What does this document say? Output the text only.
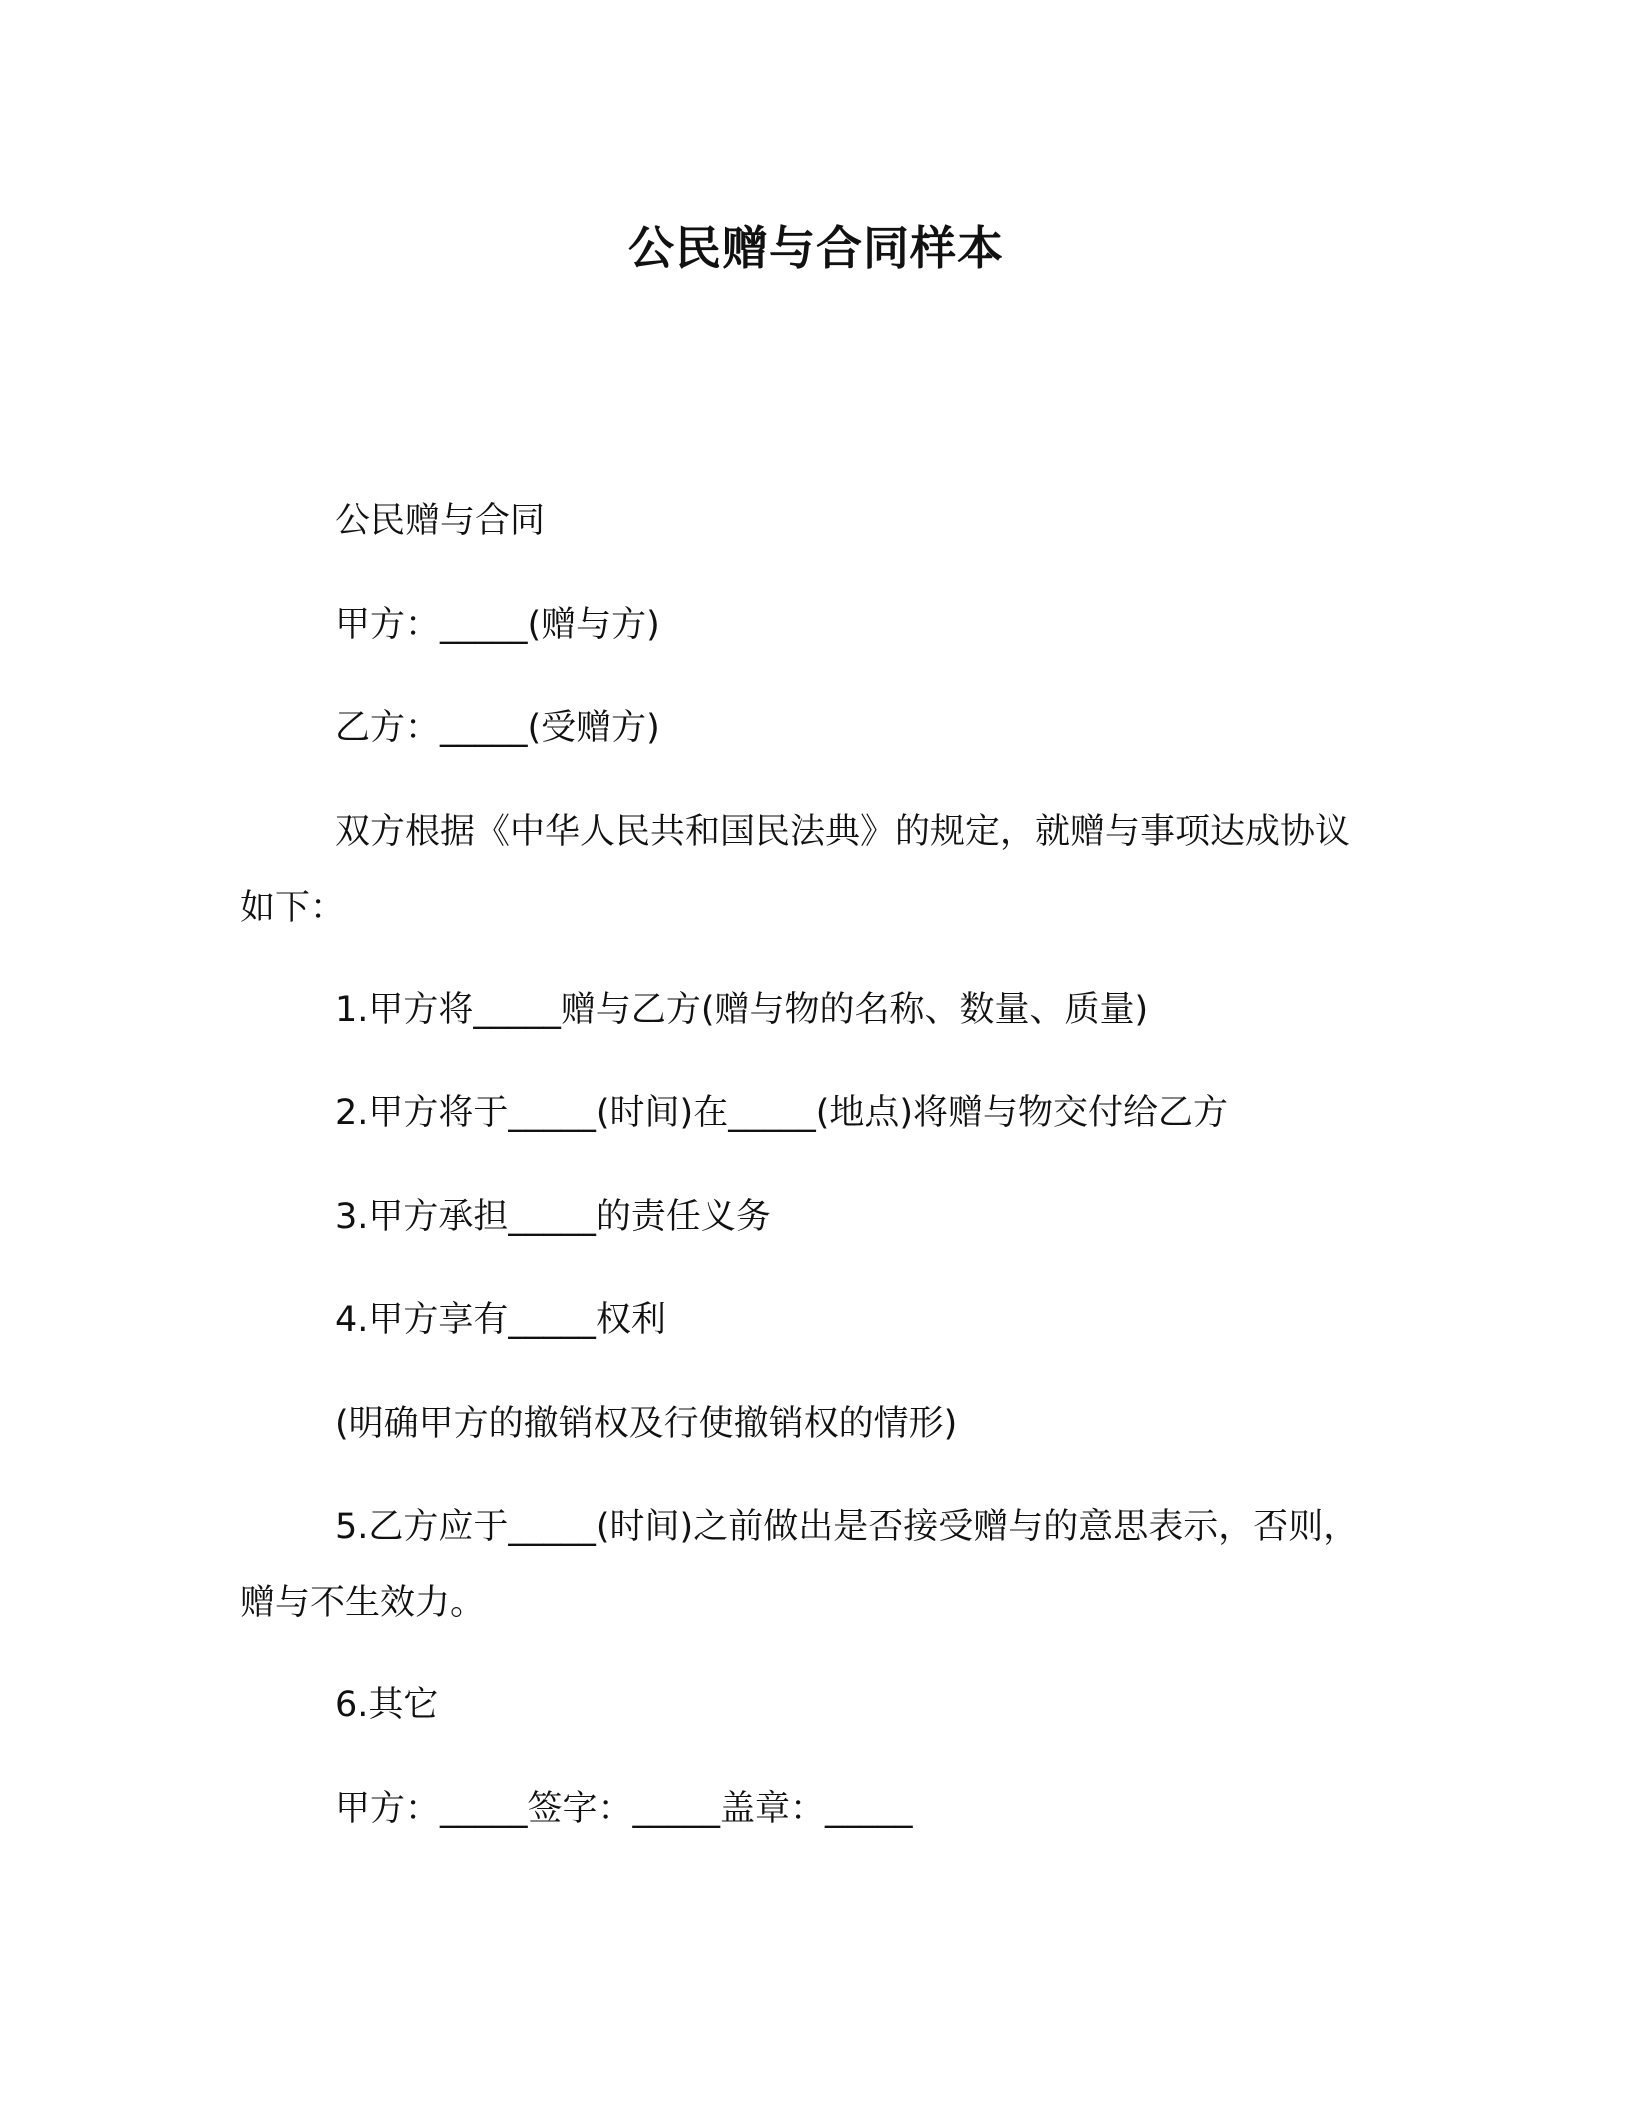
公民赠与合同样本
公民赠与合同
甲方：_____(赠与方)
乙方：_____(受赠方)
双方根据《中华人民共和国民法典》的规定，就赠与事项达成协议如下：
1.甲方将_____赠与乙方(赠与物的名称、数量、质量)
2.甲方将于_____(时间)在_____(地点)将赠与物交付给乙方
3.甲方承担_____的责任义务
4.甲方享有_____权利
(明确甲方的撤销权及行使撤销权的情形)
5.乙方应于_____(时间)之前做出是否接受赠与的意思表示，否则，赠与不生效力。
6.其它
甲方：_____签字：_____盖章：_____
